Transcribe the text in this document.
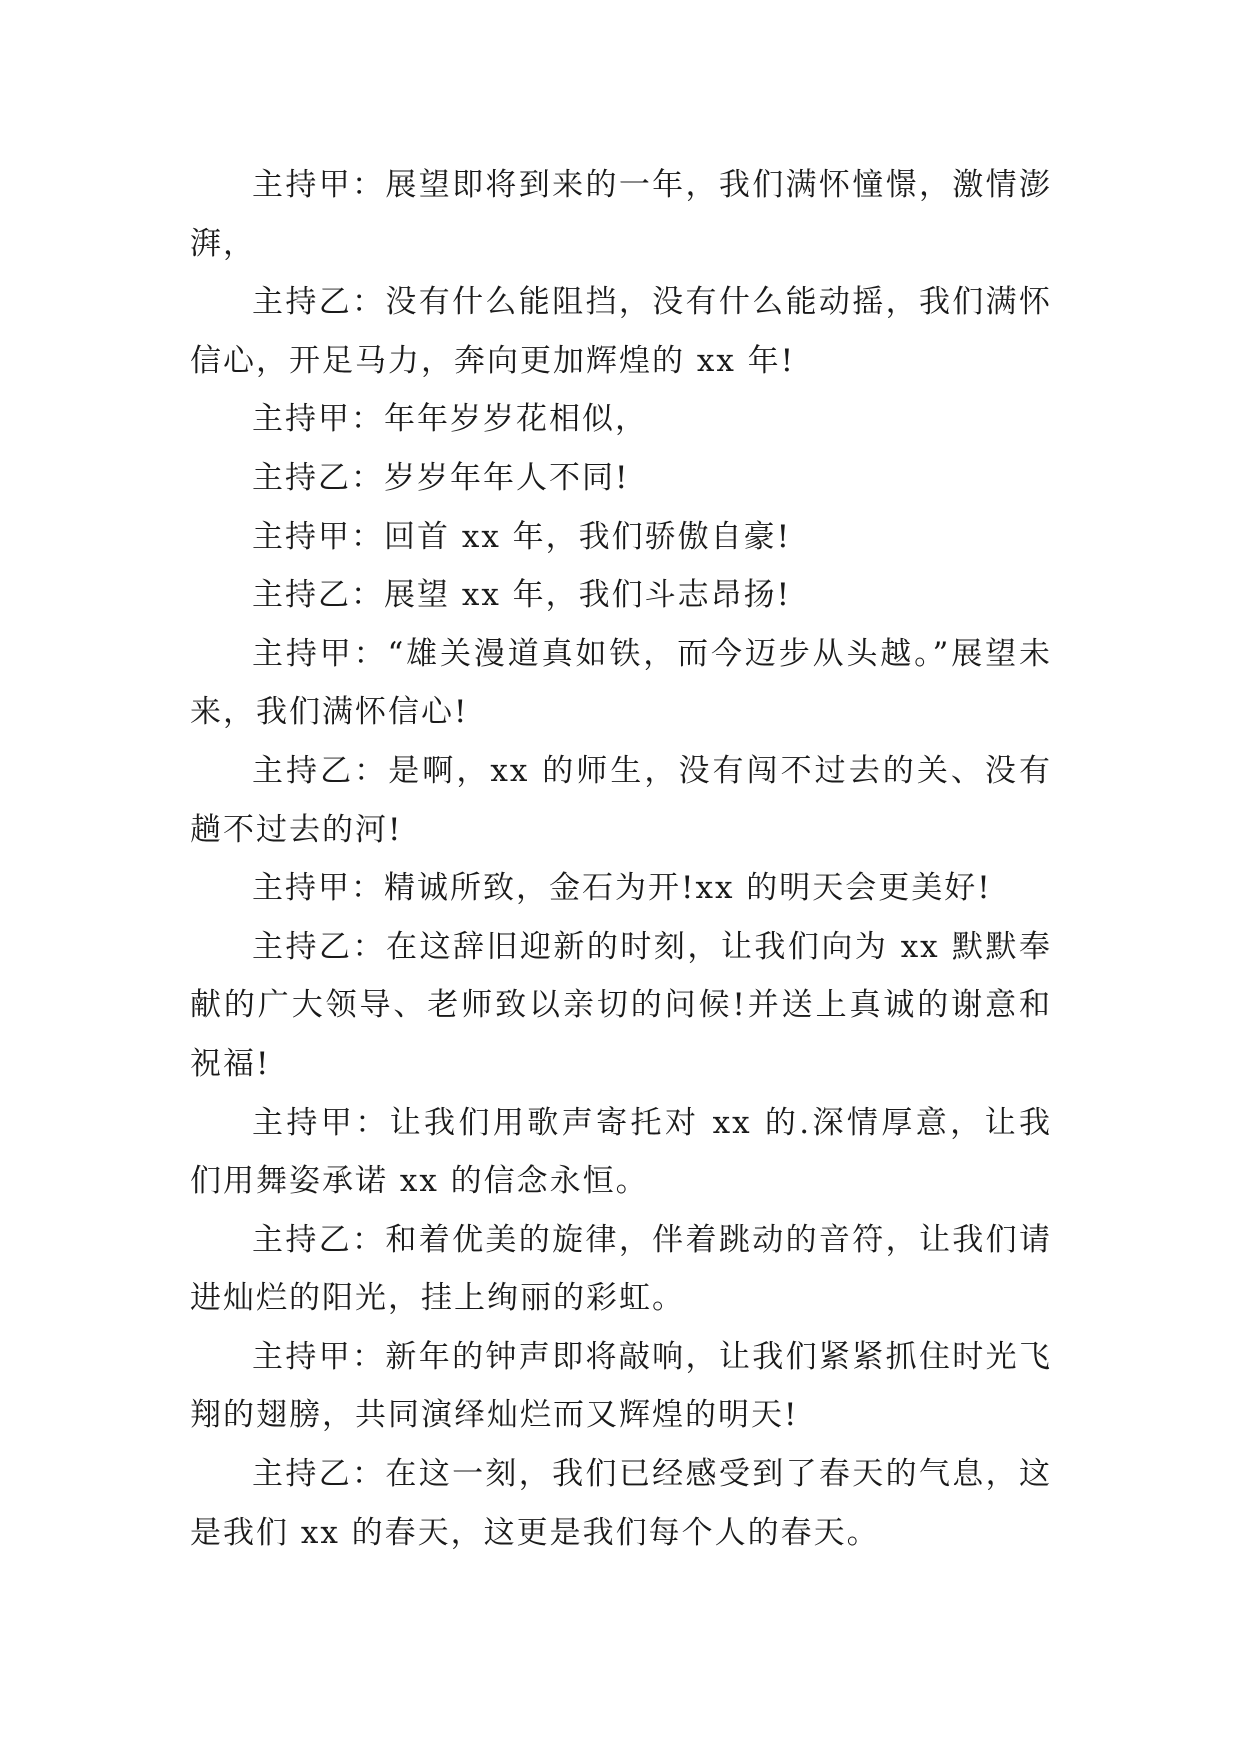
主持甲：展望即将到来的一年，我们满怀憧憬，激情澎湃，

主持乙：没有什么能阻挡，没有什么能动摇，我们满怀信心，开足马力，奔向更加辉煌的 xx 年!

主持甲：年年岁岁花相似，

主持乙：岁岁年年人不同!

主持甲：回首 xx 年，我们骄傲自豪!

主持乙：展望 xx 年，我们斗志昂扬!

主持甲：“雄关漫道真如铁，而今迈步从头越。”展望未来，我们满怀信心!

主持乙：是啊，xx 的师生，没有闯不过去的关、没有趟不过去的河!

主持甲：精诚所致，金石为开!xx 的明天会更美好!

主持乙：在这辞旧迎新的时刻，让我们向为 xx 默默奉献的广大领导、老师致以亲切的问候!并送上真诚的谢意和祝福!

主持甲：让我们用歌声寄托对 xx 的.深情厚意，让我们用舞姿承诺 xx 的信念永恒。

主持乙：和着优美的旋律，伴着跳动的音符，让我们请进灿烂的阳光，挂上绚丽的彩虹。

主持甲：新年的钟声即将敲响，让我们紧紧抓住时光飞翔的翅膀，共同演绎灿烂而又辉煌的明天!

主持乙：在这一刻，我们已经感受到了春天的气息，这是我们 xx 的春天，这更是我们每个人的春天。
